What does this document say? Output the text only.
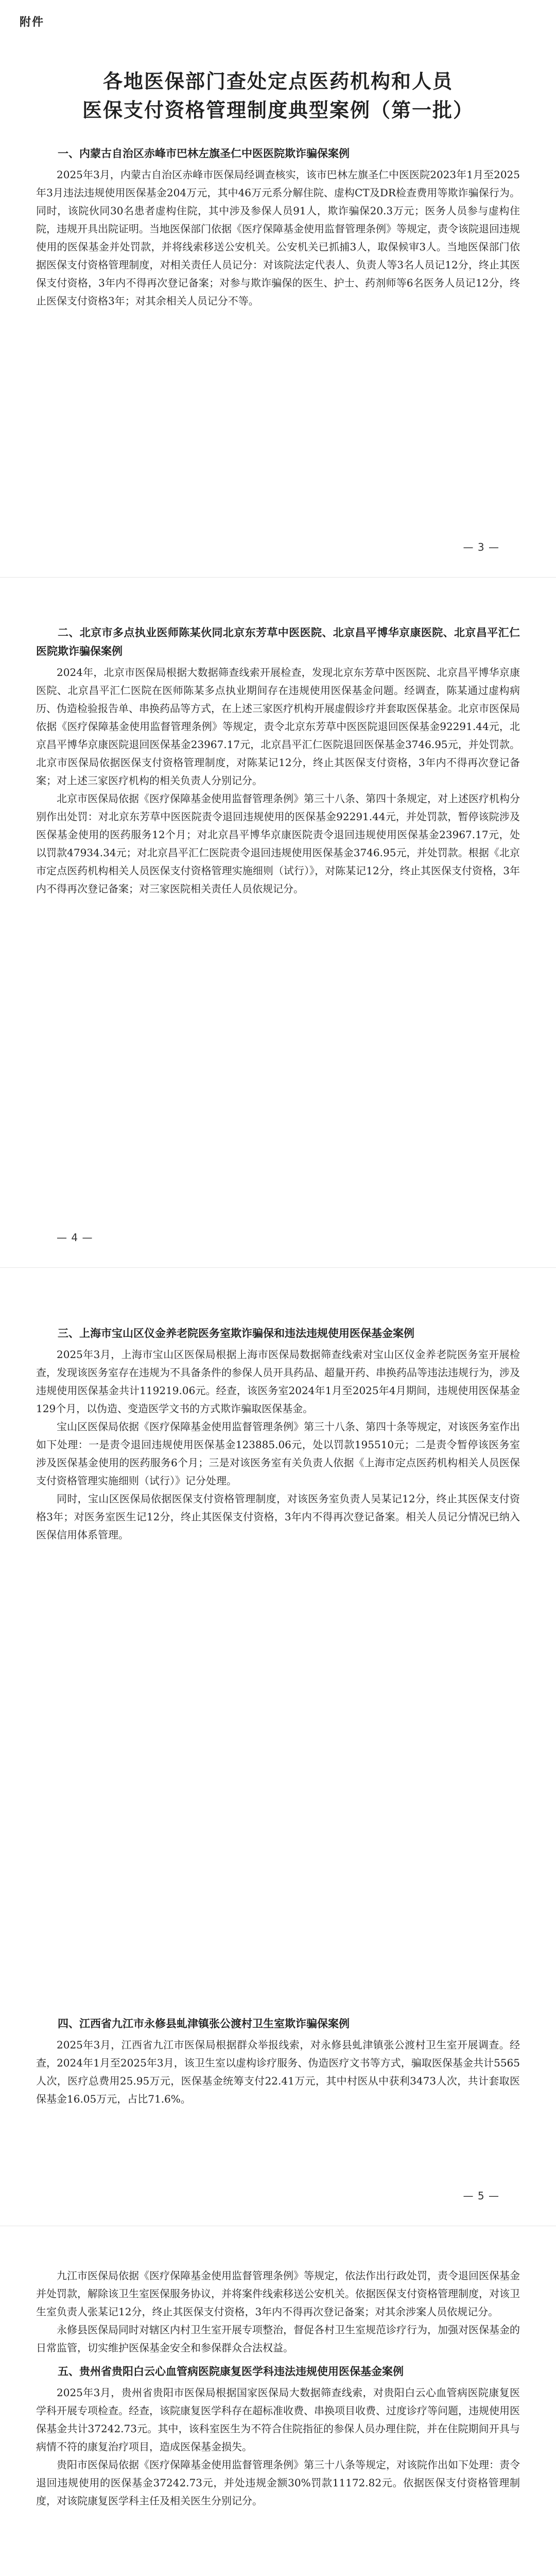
附件
各地医保部门查处定点医药机构和人员
医保支付资格管理制度典型案例（第一批）
一、内蒙古自治区赤峰市巴林左旗圣仁中医医院欺诈骗保案例
2025年3月，内蒙古自治区赤峰市医保局经调查核实，该市巴林左旗圣仁中医医院2023年1月至2025年3月违法违规使用医保基金204万元，其中46万元系分解住院、虚构CT及DR检查费用等欺诈骗保行为。同时，该院伙同30名患者虚构住院，其中涉及参保人员91人，欺诈骗保20.3万元；医务人员参与虚构住院，违规开具出院证明。当地医保部门依据《医疗保障基金使用监督管理条例》等规定，责令该院退回违规使用的医保基金并处罚款，并将线索移送公安机关。公安机关已抓捕3人，取保候审3人。当地医保部门依据医保支付资格管理制度，对相关责任人员记分：对该院法定代表人、负责人等3名人员记12分，终止其医保支付资格，3年内不得再次登记备案；对参与欺诈骗保的医生、护士、药剂师等6名医务人员记12分，终止医保支付资格3年；对其余相关人员记分不等。
— 3 —
二、北京市多点执业医师陈某伙同北京东芳草中医医院、北京昌平博华京康医院、北京昌平汇仁医院欺诈骗保案例
2024年，北京市医保局根据大数据筛查线索开展检查，发现北京东芳草中医医院、北京昌平博华京康医院、北京昌平汇仁医院在医师陈某多点执业期间存在违规使用医保基金问题。经调查，陈某通过虚构病历、伪造检验报告单、串换药品等方式，在上述三家医疗机构开展虚假诊疗并套取医保基金。北京市医保局依据《医疗保障基金使用监督管理条例》等规定，责令北京东芳草中医医院退回医保基金92291.44元，北京昌平博华京康医院退回医保基金23967.17元，北京昌平汇仁医院退回医保基金3746.95元，并处罚款。北京市医保局依据医保支付资格管理制度，对陈某记12分，终止其医保支付资格，3年内不得再次登记备案；对上述三家医疗机构的相关负责人分别记分。
北京市医保局依据《医疗保障基金使用监督管理条例》第三十八条、第四十条规定，对上述医疗机构分别作出处罚：对北京东芳草中医医院责令退回违规使用的医保基金92291.44元，并处罚款，暂停该院涉及医保基金使用的医药服务12个月；对北京昌平博华京康医院责令退回违规使用医保基金23967.17元，处以罚款47934.34元；对北京昌平汇仁医院责令退回违规使用医保基金3746.95元，并处罚款。根据《北京市定点医药机构相关人员医保支付资格管理实施细则（试行）》，对陈某记12分，终止其医保支付资格，3年内不得再次登记备案；对三家医院相关责任人员依规记分。
— 4 —
三、上海市宝山区仪金养老院医务室欺诈骗保和违法违规使用医保基金案例
2025年3月，上海市宝山区医保局根据上海市医保局数据筛查线索对宝山区仪金养老院医务室开展检查，发现该医务室存在违规为不具备条件的参保人员开具药品、超量开药、串换药品等违法违规行为，涉及违规使用医保基金共计119219.06元。经查，该医务室2024年1月至2025年4月期间，违规使用医保基金129个月，以伪造、变造医学文书的方式欺诈骗取医保基金。
宝山区医保局依据《医疗保障基金使用监督管理条例》第三十八条、第四十条等规定，对该医务室作出如下处理：一是责令退回违规使用医保基金123885.06元，处以罚款195510元；二是责令暂停该医务室涉及医保基金使用的医药服务6个月；三是对该医务室有关负责人依据《上海市定点医药机构相关人员医保支付资格管理实施细则（试行）》记分处理。
同时，宝山区医保局依据医保支付资格管理制度，对该医务室负责人吴某记12分，终止其医保支付资格3年；对医务室医生记12分，终止其医保支付资格，3年内不得再次登记备案。相关人员记分情况已纳入医保信用体系管理。
四、江西省九江市永修县虬津镇张公渡村卫生室欺诈骗保案例
2025年3月，江西省九江市医保局根据群众举报线索，对永修县虬津镇张公渡村卫生室开展调查。经查，2024年1月至2025年3月，该卫生室以虚构诊疗服务、伪造医疗文书等方式，骗取医保基金共计5565人次，医疗总费用25.95万元，医保基金统筹支付22.41万元，其中村医从中获利3473人次，共计套取医保基金16.05万元，占比71.6%。
— 5 —
九江市医保局依据《医疗保障基金使用监督管理条例》等规定，依法作出行政处罚，责令退回医保基金并处罚款，解除该卫生室医保服务协议，并将案件线索移送公安机关。依据医保支付资格管理制度，对该卫生室负责人张某记12分，终止其医保支付资格，3年内不得再次登记备案；对其余涉案人员依规记分。
永修县医保局同时对辖区内村卫生室开展专项整治，督促各村卫生室规范诊疗行为，加强对医保基金的日常监管，切实维护医保基金安全和参保群众合法权益。
五、贵州省贵阳白云心血管病医院康复医学科违法违规使用医保基金案例
2025年3月，贵州省贵阳市医保局根据国家医保局大数据筛查线索，对贵阳白云心血管病医院康复医学科开展专项检查。经查，该院康复医学科存在超标准收费、串换项目收费、过度诊疗等问题，违规使用医保基金共计37242.73元。其中，该科室医生为不符合住院指征的参保人员办理住院，并在住院期间开具与病情不符的康复治疗项目，造成医保基金损失。
贵阳市医保局依据《医疗保障基金使用监督管理条例》第三十八条等规定，对该院作出如下处理：责令退回违规使用的医保基金37242.73元，并处违规金额30%罚款11172.82元。依据医保支付资格管理制度，对该院康复医学科主任及相关医生分别记分。
